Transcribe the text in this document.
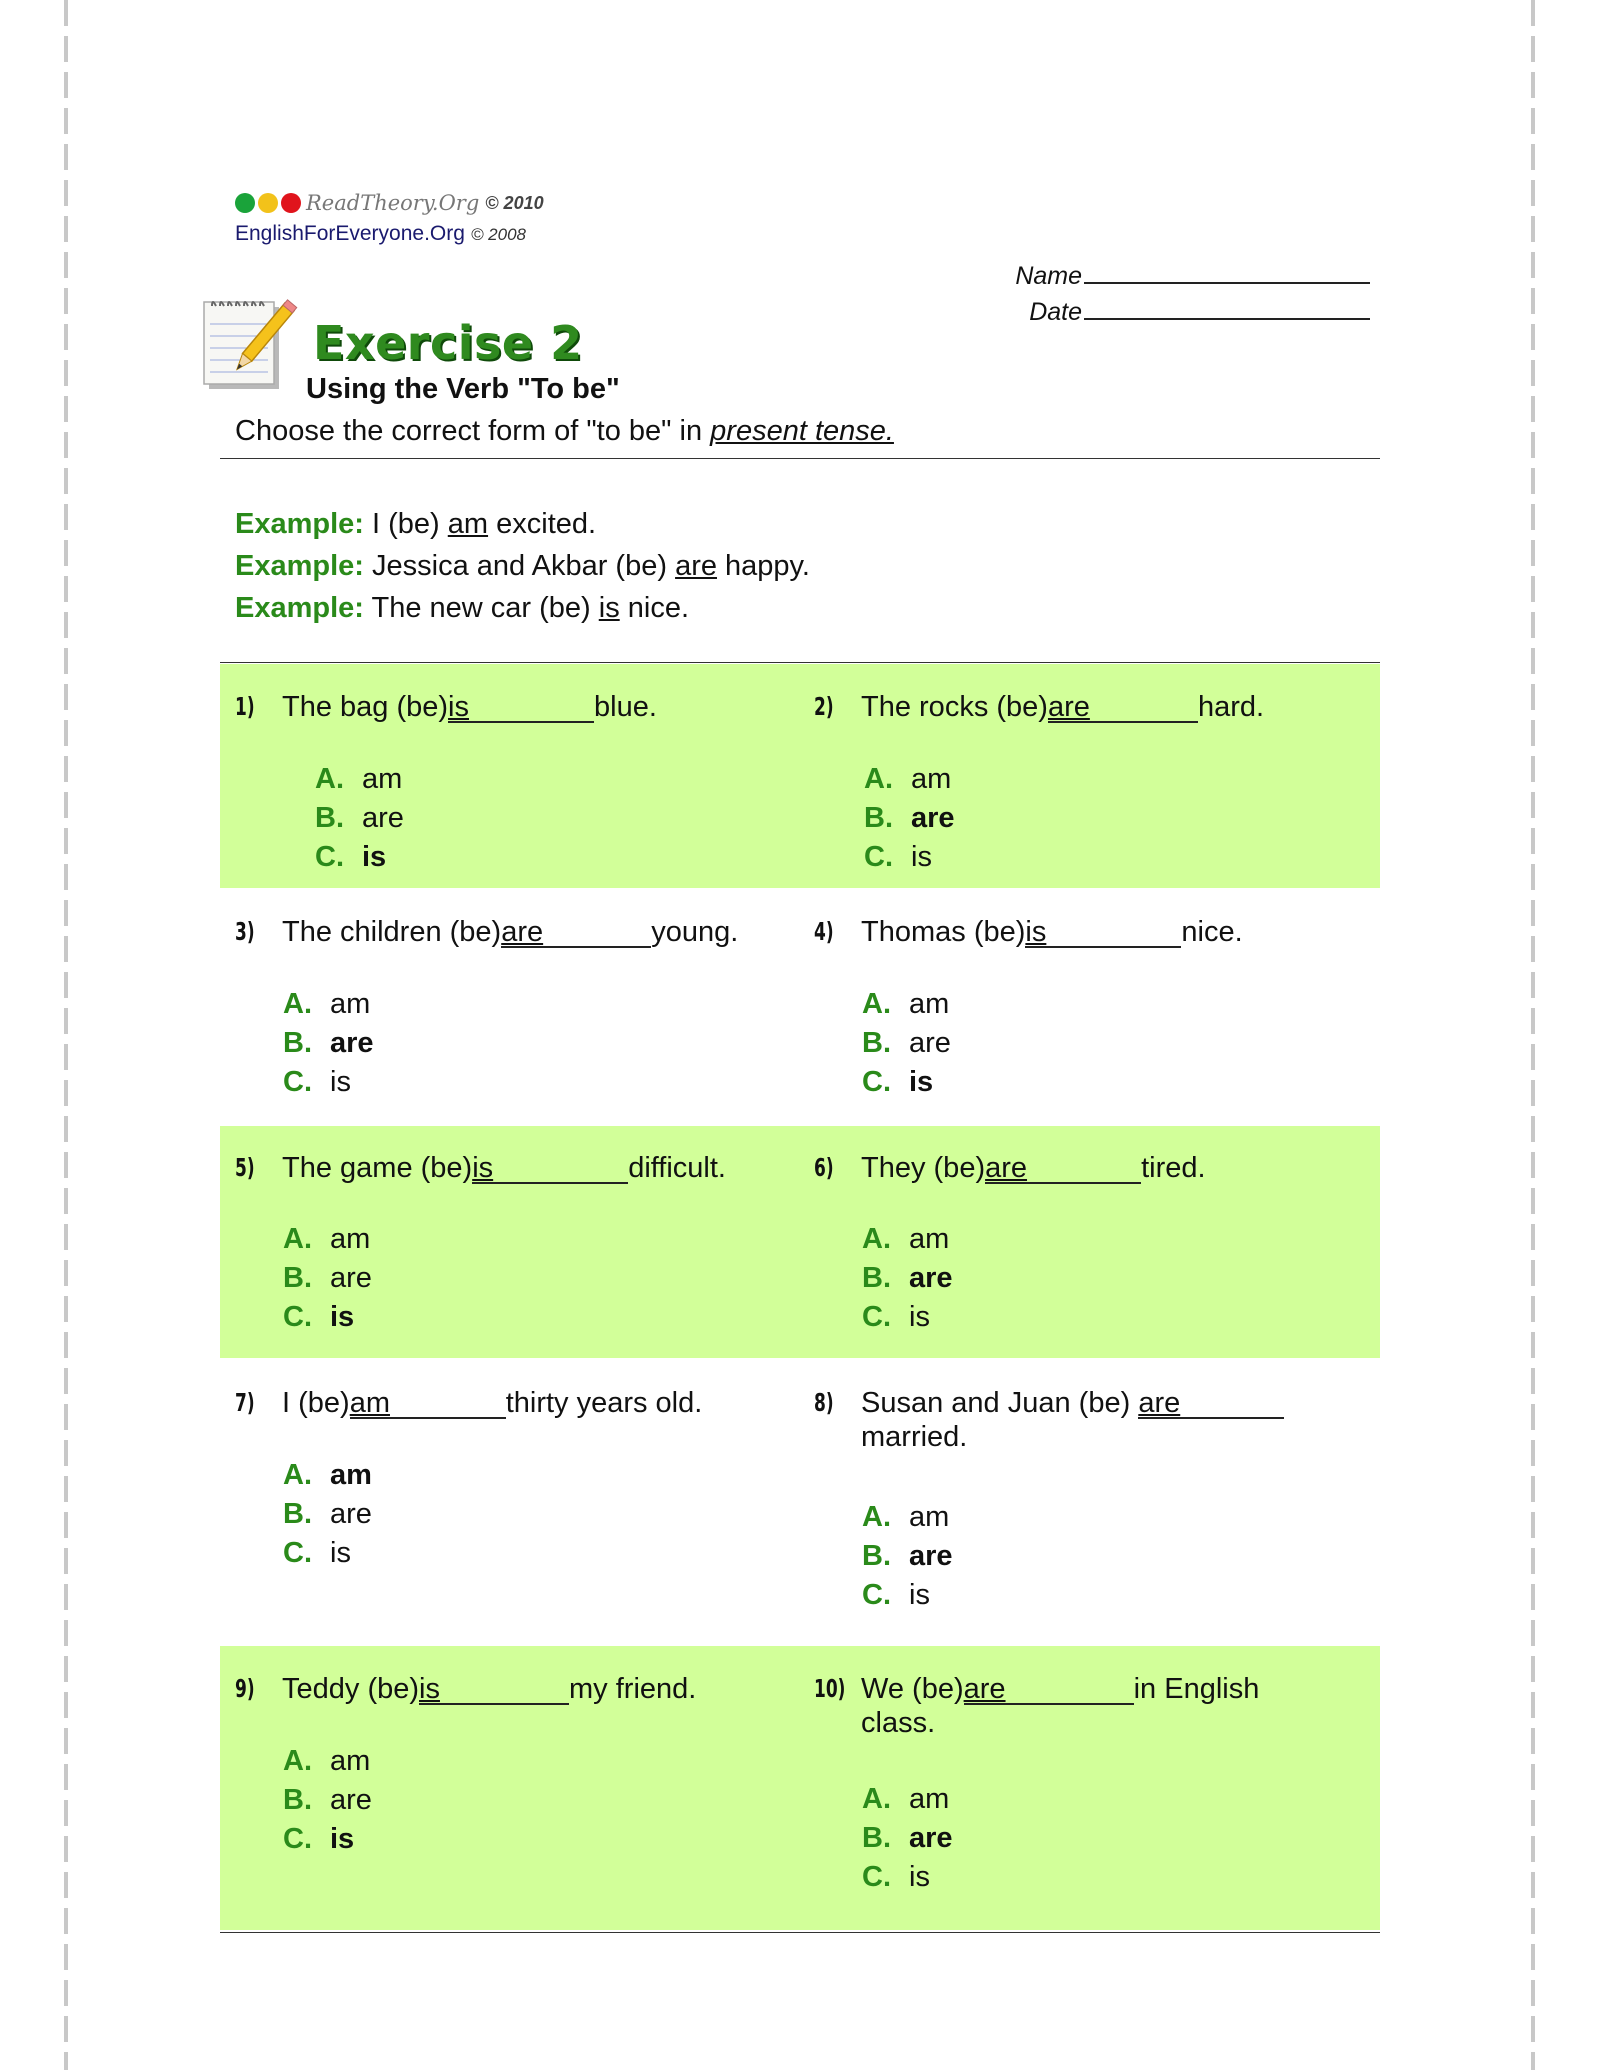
ReadTheory.Org © 2010
EnglishForEveryone.Org © 2008
Name
Date
Exercise 2
Using the Verb "To be"
Choose the correct form of "to be" in present tense.
Example: I (be) am excited.
Example: Jessica and Akbar (be) are happy.
Example: The new car (be) is nice.
1) The bag (be)is	blue.
A. am
B. are
C. is
2) The rocks (be)are	hard.
A. am
B. are
C. is
3) The children (be)are	young.
A. am
B. are
C. is
4) Thomas (be)is	nice.
A. am
B. are
C. is
5) The game (be)is	difficult.
A. am
B. are
C. is
6) They (be)are	tired.
A. am
B. are
C. is
7) I (be)am	thirty years old.
A. am
B. are
C. is
8) Susan and Juan (be) are married.
A. am
B. are
C. is
9) Teddy (be)is	my friend.
A. am
B. are
C. is
10) We (be)are	in English class.
A. am
B. are
C. is
